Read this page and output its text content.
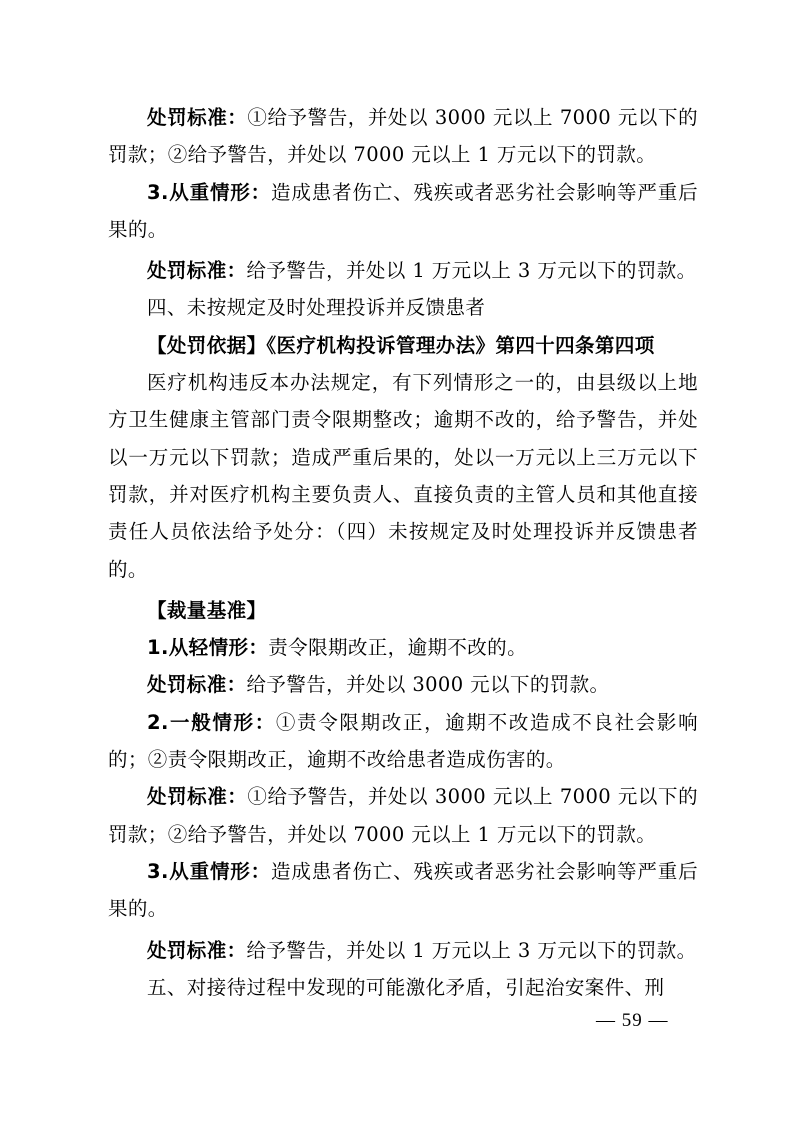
处罚标准：①给予警告，并处以 3000 元以上 7000 元以下的罚款；②给予警告，并处以 7000 元以上 1 万元以下的罚款。

3.从重情形：造成患者伤亡、残疾或者恶劣社会影响等严重后果的。

处罚标准：给予警告，并处以 1 万元以上 3 万元以下的罚款。

四、未按规定及时处理投诉并反馈患者

【处罚依据】《医疗机构投诉管理办法》第四十四条第四项

医疗机构违反本办法规定，有下列情形之一的，由县级以上地方卫生健康主管部门责令限期整改；逾期不改的，给予警告，并处以一万元以下罚款；造成严重后果的，处以一万元以上三万元以下罚款，并对医疗机构主要负责人、直接负责的主管人员和其他直接责任人员依法给予处分：（四）未按规定及时处理投诉并反馈患者的。

【裁量基准】

1.从轻情形：责令限期改正，逾期不改的。

处罚标准：给予警告，并处以 3000 元以下的罚款。

2.一般情形：①责令限期改正，逾期不改造成不良社会影响的；②责令限期改正，逾期不改给患者造成伤害的。

处罚标准：①给予警告，并处以 3000 元以上 7000 元以下的罚款；②给予警告，并处以 7000 元以上 1 万元以下的罚款。

3.从重情形：造成患者伤亡、残疾或者恶劣社会影响等严重后果的。

处罚标准：给予警告，并处以 1 万元以上 3 万元以下的罚款。

五、对接待过程中发现的可能激化矛盾，引起治安案件、刑

— 59 —
